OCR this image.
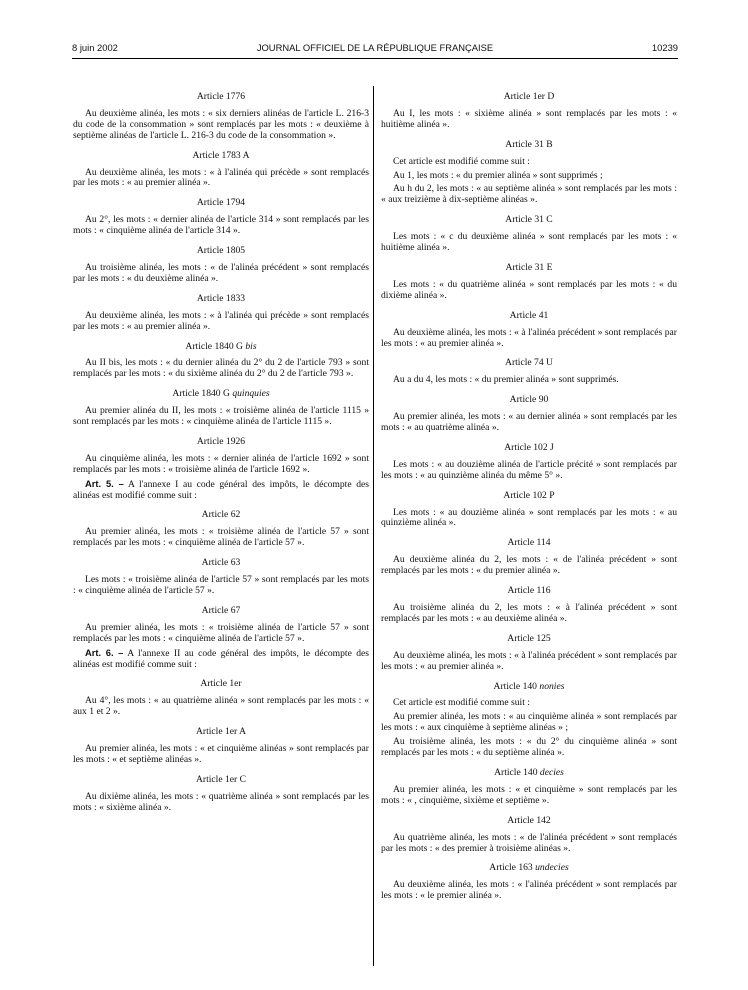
8 juin 2002	JOURNAL OFFICIEL DE LA RÉPUBLIQUE FRANÇAISE	10239
Article 1776
Au deuxième alinéa, les mots : « six derniers alinéas de l'article L. 216-3 du code de la consommation » sont remplacés par les mots : « deuxième à septième alinéas de l'article L. 216-3 du code de la consommation ».
Article 1783 A
Au deuxième alinéa, les mots : « à l'alinéa qui précède » sont remplacés par les mots : « au premier alinéa ».
Article 1794
Au 2°, les mots : « dernier alinéa de l'article 314 » sont remplacés par les mots : « cinquième alinéa de l'article 314 ».
Article 1805
Au troisième alinéa, les mots : « de l'alinéa précédent » sont remplacés par les mots : « du deuxième alinéa ».
Article 1833
Au deuxième alinéa, les mots : « à l'alinéa qui précède » sont remplacés par les mots : « au premier alinéa ».
Article 1840 G bis
Au II bis, les mots : « du dernier alinéa du 2° du 2 de l'article 793 » sont remplacés par les mots : « du sixième alinéa du 2° du 2 de l'article 793 ».
Article 1840 G quinquies
Au premier alinéa du II, les mots : « troisième alinéa de l'article 1115 » sont remplacés par les mots : « cinquième alinéa de l'article 1115 ».
Article 1926
Au cinquième alinéa, les mots : « dernier alinéa de l'article 1692 » sont remplacés par les mots : « troisième alinéa de l'article 1692 ».
Art. 5. – A l'annexe I au code général des impôts, le décompte des alinéas est modifié comme suit :
Article 62
Au premier alinéa, les mots : « troisième alinéa de l'article 57 » sont remplacés par les mots : « cinquième alinéa de l'article 57 ».
Article 63
Les mots : « troisième alinéa de l'article 57 » sont remplacés par les mots : « cinquième alinéa de l'article 57 ».
Article 67
Au premier alinéa, les mots : « troisième alinéa de l'article 57 » sont remplacés par les mots : « cinquième alinéa de l'article 57 ».
Art. 6. – A l'annexe II au code général des impôts, le décompte des alinéas est modifié comme suit :
Article 1er
Au 4°, les mots : « au quatrième alinéa » sont remplacés par les mots : « aux 1 et 2 ».
Article 1er A
Au premier alinéa, les mots : « et cinquième alinéas » sont remplacés par les mots : « et septième alinéas ».
Article 1er C
Au dixième alinéa, les mots : « quatrième alinéa » sont remplacés par les mots : « sixième alinéa ».
Article 1er D
Au I, les mots : « sixième alinéa » sont remplacés par les mots : « huitième alinéa ».
Article 31 B
Cet article est modifié comme suit :
Au 1, les mots : « du premier alinéa » sont supprimés ;
Au h du 2, les mots : « au septième alinéa » sont remplacés par les mots : « aux treizième à dix-septième alinéas ».
Article 31 C
Les mots : « c du deuxième alinéa » sont remplacés par les mots : « huitième alinéa ».
Article 31 E
Les mots : « du quatrième alinéa » sont remplacés par les mots : « du dixième alinéa ».
Article 41
Au deuxième alinéa, les mots : « à l'alinéa précédent » sont remplacés par les mots : « au premier alinéa ».
Article 74 U
Au a du 4, les mots : « du premier alinéa » sont supprimés.
Article 90
Au premier alinéa, les mots : « au dernier alinéa » sont remplacés par les mots : « au quatrième alinéa ».
Article 102 J
Les mots : « au douzième alinéa de l'article précité » sont remplacés par les mots : « au quinzième alinéa du même 5° ».
Article 102 P
Les mots : « au douzième alinéa » sont remplacés par les mots : « au quinzième alinéa ».
Article 114
Au deuxième alinéa du 2, les mots : « de l'alinéa précédent » sont remplacés par les mots : « du premier alinéa ».
Article 116
Au troisième alinéa du 2, les mots : « à l'alinéa précédent » sont remplacés par les mots : « au deuxième alinéa ».
Article 125
Au deuxième alinéa, les mots : « à l'alinéa précédent » sont remplacés par les mots : « au premier alinéa ».
Article 140 nonies
Cet article est modifié comme suit :
Au premier alinéa, les mots : « au cinquième alinéa » sont remplacés par les mots : « aux cinquième à septième alinéas » ;
Au troisième alinéa, les mots : « du 2° du cinquième alinéa » sont remplacés par les mots : « du septième alinéa ».
Article 140 decies
Au premier alinéa, les mots : « et cinquième » sont remplacés par les mots : « , cinquième, sixième et septième ».
Article 142
Au quatrième alinéa, les mots : « de l'alinéa précédent » sont remplacés par les mots : « des premier à troisième alinéas ».
Article 163 undecies
Au deuxième alinéa, les mots : « l'alinéa précédent » sont remplacés par les mots : « le premier alinéa ».
